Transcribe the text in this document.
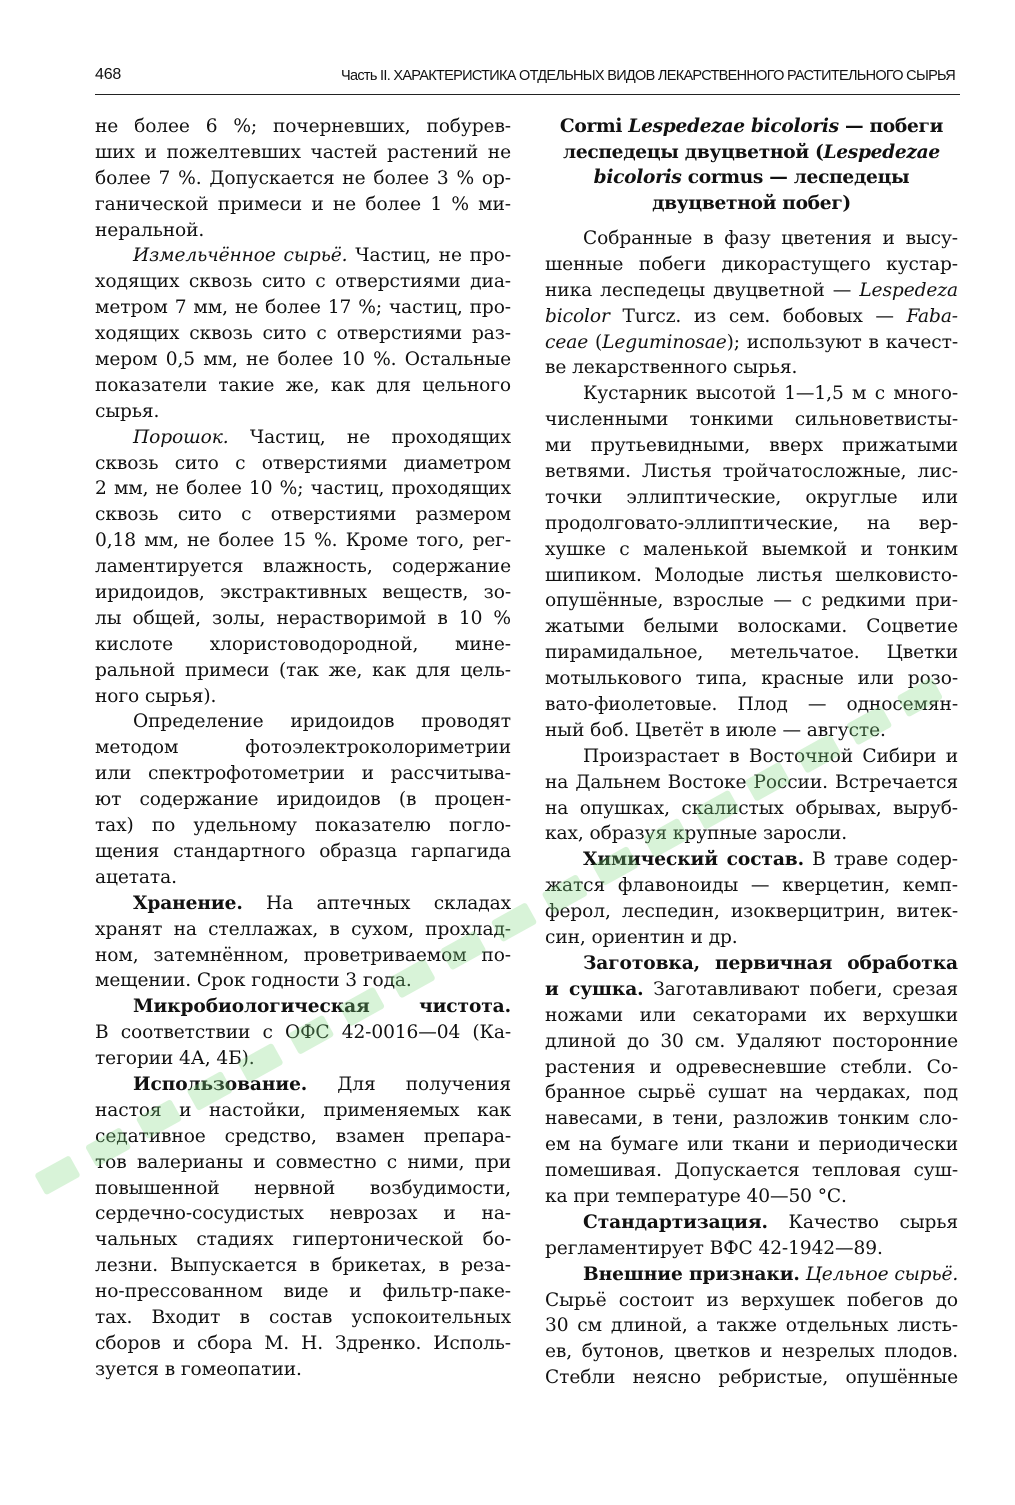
468	Часть II. ХАРАКТЕРИСТИКА ОТДЕЛЬНЫХ ВИДОВ ЛЕКАРСТВЕННОГО РАСТИТЕЛЬНОГО СЫРЬЯ
не более 6 %; почерневших, побурев-
ших и пожелтевших частей растений не
более 7 %. Допускается не более 3 % ор-
ганической примеси и не более 1 % ми-
неральной.
Измельчённое сырьё. Частиц, не про-
ходящих сквозь сито с отверстиями диа-
метром 7 мм, не более 17 %; частиц, про-
ходящих сквозь сито с отверстиями раз-
мером 0,5 мм, не более 10 %. Остальные
показатели такие же, как для цельного
сырья.
Порошок. Частиц, не проходящих
сквозь сито с отверстиями диаметром
2 мм, не более 10 %; частиц, проходящих
сквозь сито с отверстиями размером
0,18 мм, не более 15 %. Кроме того, рег-
ламентируется влажность, содержание
иридоидов, экстрактивных веществ, зо-
лы общей, золы, нерастворимой в 10 %
кислоте хлористоводородной, мине-
ральной примеси (так же, как для цель-
ного сырья).
Определение иридоидов проводят
методом фотоэлектроколориметрии
или спектрофотометрии и рассчитыва-
ют содержание иридоидов (в процен-
тах) по удельному показателю погло-
щения стандартного образца гарпагида
ацетата.
Хранение. На аптечных складах
хранят на стеллажах, в сухом, прохлад-
ном, затемнённом, проветриваемом по-
мещении. Срок годности 3 года.
Микробиологическая чистота.
В соответствии с ОФС 42-0016—04 (Ка-
тегории 4А, 4Б).
Использование. Для получения
настоя и настойки, применяемых как
седативное средство, взамен препара-
тов валерианы и совместно с ними, при
повышенной нервной возбудимости,
сердечно-сосудистых неврозах и на-
чальных стадиях гипертонической бо-
лезни. Выпускается в брикетах, в реза-
но-прессованном виде и фильтр-паке-
тах. Входит в состав успокоительных
сборов и сбора М. Н. Здренко. Исполь-
зуется в гомеопатии.
Cormi Lespedezae bicoloris — побеги
леспедецы двуцветной (Lespedezae
bicoloris cormus — леспедецы
двуцветной побег)
Собранные в фазу цветения и высу-
шенные побеги дикорастущего кустар-
ника леспедецы двуцветной — Lespedeza
bicolor Turcz. из сем. бобовых — Faba-
ceae (Leguminosae); используют в качест-
ве лекарственного сырья.
Кустарник высотой 1—1,5 м с много-
численными тонкими сильноветвисты-
ми прутьевидными, вверх прижатыми
ветвями. Листья тройчатосложные, лис-
точки эллиптические, округлые или
продолговато-эллиптические, на вер-
хушке с маленькой выемкой и тонким
шипиком. Молодые листья шелковисто-
опушённые, взрослые — с редкими при-
жатыми белыми волосками. Соцветие
пирамидальное, метельчатое. Цветки
мотылькового типа, красные или розо-
вато-фиолетовые. Плод — односемян-
ный боб. Цветёт в июле — августе.
Произрастает в Восточной Сибири и
на Дальнем Востоке России. Встречается
на опушках, скалистых обрывах, выруб-
ках, образуя крупные заросли.
Химический состав. В траве содер-
жатся флавоноиды — кверцетин, кемп-
ферол, леспедин, изокверцитрин, витек-
син, ориентин и др.
Заготовка, первичная обработка
и сушка. Заготавливают побеги, срезая
ножами или секаторами их верхушки
длиной до 30 см. Удаляют посторонние
растения и одревесневшие стебли. Со-
бранное сырьё сушат на чердаках, под
навесами, в тени, разложив тонким сло-
ем на бумаге или ткани и периодически
помешивая. Допускается тепловая суш-
ка при температуре 40—50 °С.
Стандартизация. Качество сырья
регламентирует ВФС 42-1942—89.
Внешние признаки. Цельное сырьё.
Сырьё состоит из верхушек побегов до
30 см длиной, а также отдельных листь-
ев, бутонов, цветков и незрелых плодов.
Стебли неясно ребристые, опушённые
